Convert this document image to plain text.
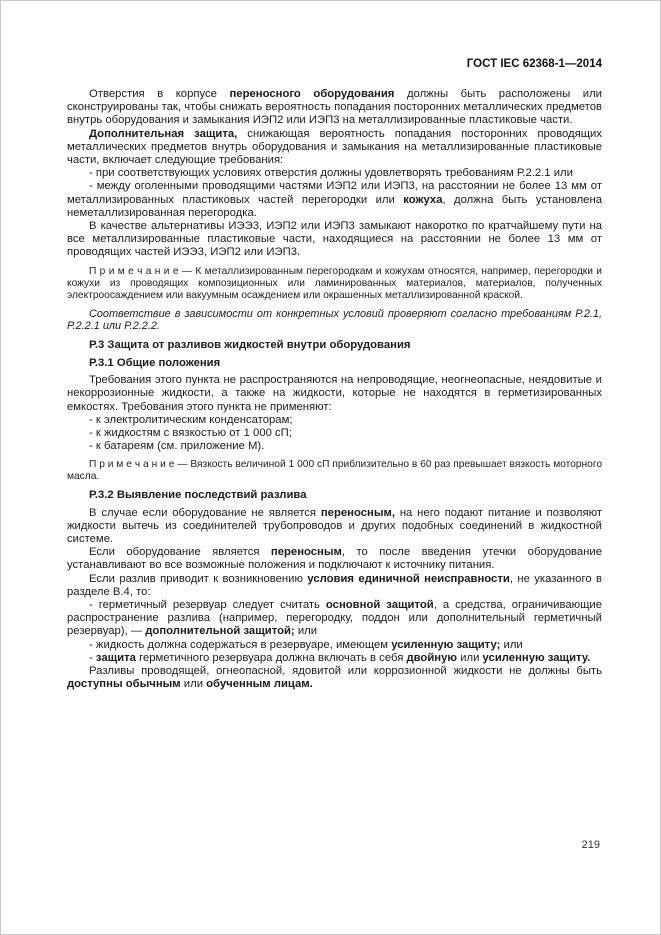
ГОСТ IEC 62368-1—2014

Отверстия в корпусе переносного оборудования должны быть расположены или сконструированы так, чтобы снижать вероятность попадания посторонних металлических предметов внутрь оборудования и замыкания ИЭП2 или ИЭП3 на металлизированные пластиковые части.

Дополнительная защита, снижающая вероятность попадания посторонних проводящих металлических предметов внутрь оборудования и замыкания на металлизированные пластиковые части, включает следующие требования:

- при соответствующих условиях отверстия должны удовлетворять требованиям Р.2.2.1 или

- между оголенными проводящими частями ИЭП2 или ИЭП3, на расстоянии не более 13 мм от металлизированных пластиковых частей перегородки или кожуха, должна быть установлена неметаллизированная перегородка.

В качестве альтернативы ИЭЭ3, ИЭП2 или ИЭП3 замыкают накоротко по кратчайшему пути на все металлизированные пластиковые части, находящиеся на расстоянии не более 13 мм от проводящих частей ИЭЭ3, ИЭП2 или ИЭП3.

П р и м е ч а н и е — К металлизированным перегородкам и кожухам относятся, например, перегородки и кожухи из проводящих композиционных или ламинированных материалов, материалов, полученных электроосаждением или вакуумным осаждением или окрашенных металлизированной краской.

Соответствие в зависимости от конкретных условий проверяют согласно требованиям Р.2.1, Р.2.2.1 или Р.2.2.2.

Р.3 Защита от разливов жидкостей внутри оборудования

Р.3.1 Общие положения

Требования этого пункта не распространяются на непроводящие, неогнеопасные, неядовитые и некоррозионные жидкости, а также на жидкости, которые не находятся в герметизированных емкостях. Требования этого пункта не применяют:

- к электролитическим конденсаторам;

- к жидкостям с вязкостью от 1 000 сП;

- к батареям (см. приложение М).

П р и м е ч а н и е — Вязкость величиной 1 000 сП приблизительно в 60 раз превышает вязкость моторного масла.

Р.3.2 Выявление последствий разлива

В случае если оборудование не является переносным, на него подают питание и позволяют жидкости вытечь из соединителей трубопроводов и других подобных соединений в жидкостной системе.

Если оборудование является переносным, то после введения утечки оборудование устанавливают во все возможные положения и подключают к источнику питания.

Если разлив приводит к возникновению условия единичной неисправности, не указанного в разделе В.4, то:

- герметичный резервуар следует считать основной защитой, а средства, ограничивающие распространение разлива (например, перегородку, поддон или дополнительный герметичный резервуар), — дополнительной защитой; или

- жидкость должна содержаться в резервуаре, имеющем усиленную защиту; или

- защита герметичного резервуара должна включать в себя двойную или усиленную защиту.

Разливы проводящей, огнеопасной, ядовитой или коррозионной жидкости не должны быть доступны обычным или обученным лицам.

219
